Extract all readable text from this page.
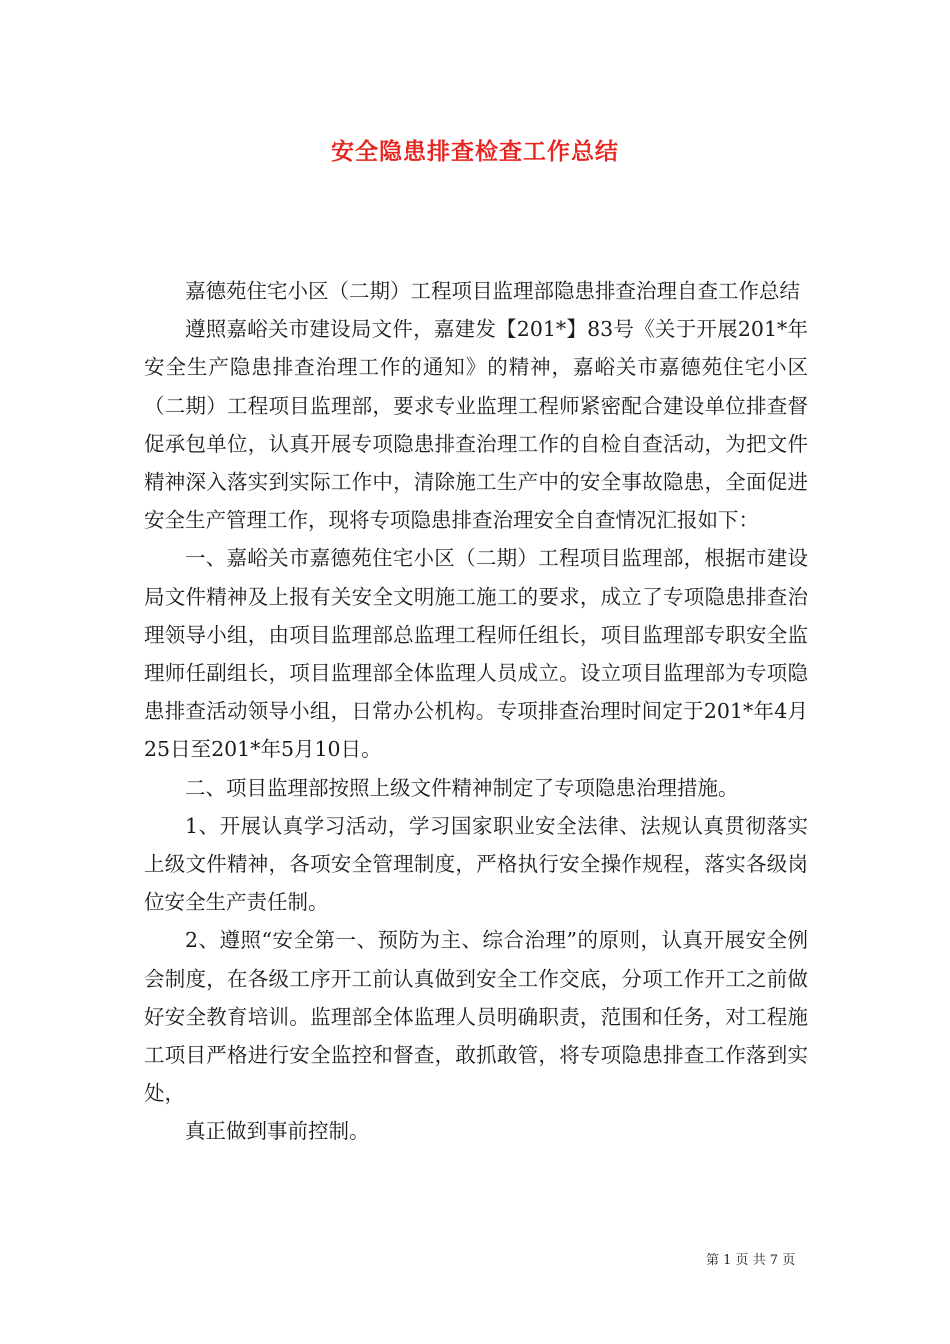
安全隐患排查检查工作总结

嘉德苑住宅小区（二期）工程项目监理部隐患排查治理自查工作总结

遵照嘉峪关市建设局文件，嘉建发【201*】83号《关于开展201*年安全生产隐患排查治理工作的通知》的精神，嘉峪关市嘉德苑住宅小区（二期）工程项目监理部，要求专业监理工程师紧密配合建设单位排查督促承包单位，认真开展专项隐患排查治理工作的自检自查活动，为把文件精神深入落实到实际工作中，清除施工生产中的安全事故隐患，全面促进安全生产管理工作，现将专项隐患排查治理安全自查情况汇报如下：

一、嘉峪关市嘉德苑住宅小区（二期）工程项目监理部，根据市建设局文件精神及上报有关安全文明施工施工的要求，成立了专项隐患排查治理领导小组，由项目监理部总监理工程师任组长，项目监理部专职安全监理师任副组长，项目监理部全体监理人员成立。设立项目监理部为专项隐患排查活动领导小组，日常办公机构。专项排查治理时间定于201*年4月25日至201*年5月10日。

二、项目监理部按照上级文件精神制定了专项隐患治理措施。

1、开展认真学习活动，学习国家职业安全法律、法规认真贯彻落实上级文件精神，各项安全管理制度，严格执行安全操作规程，落实各级岗位安全生产责任制。

2、遵照“安全第一、预防为主、综合治理”的原则，认真开展安全例会制度，在各级工序开工前认真做到安全工作交底，分项工作开工之前做好安全教育培训。监理部全体监理人员明确职责，范围和任务，对工程施工项目严格进行安全监控和督查，敢抓敢管，将专项隐患排查工作落到实处，

真正做到事前控制。

第 1 页 共 7 页
